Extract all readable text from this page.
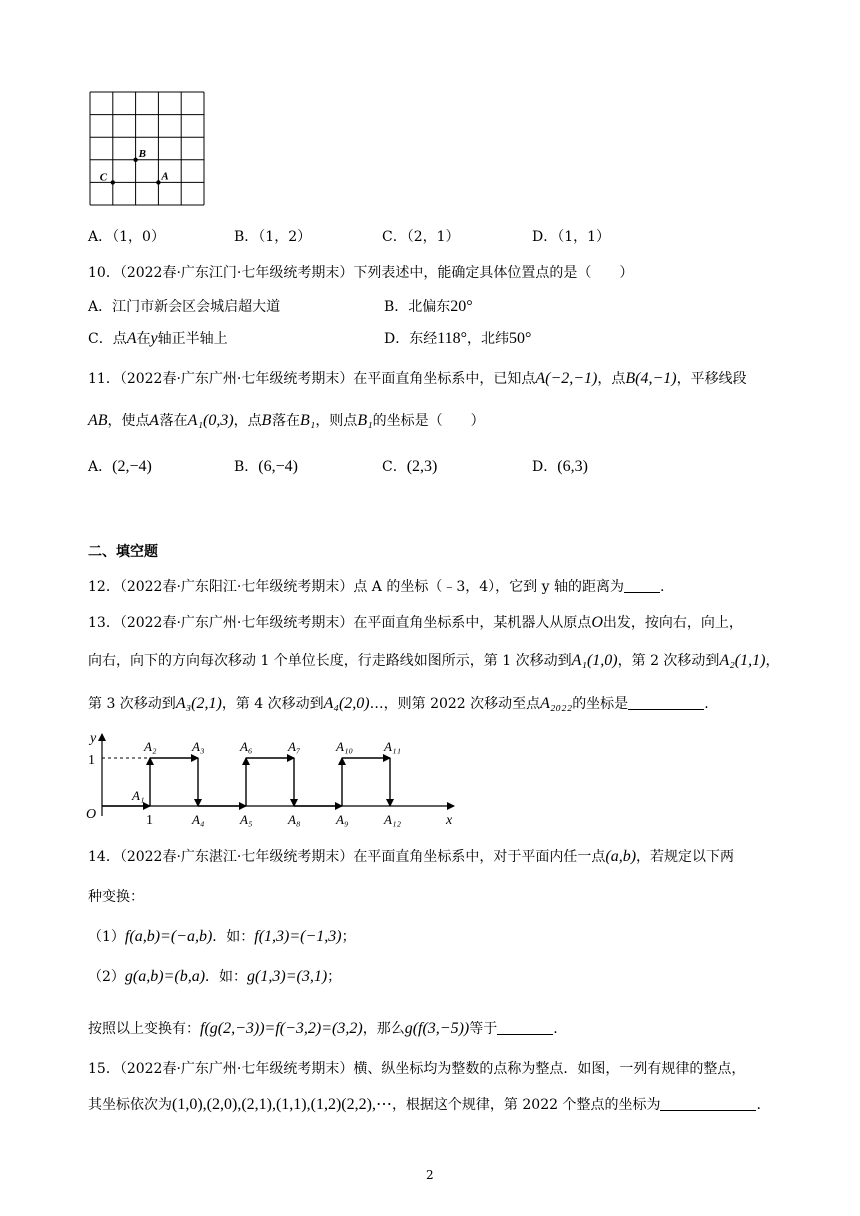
B
C	A
A．（1，0）	B．（1，2）	C．（2，1）	D．（1，1）
10．（2022春·广东江门·七年级统考期末）下列表述中，能确定具体位置点的是（　　）
A．江门市新会区会城启超大道	B．北偏东20°
C．点A在y轴正半轴上	D．东经118°，北纬50°
11．（2022春·广东广州·七年级统考期末）在平面直角坐标系中，已知点A(−2,−1)，点B(4,−1)，平移线段
AB，使点A落在A₁(0,3)，点B落在B₁，则点B₁的坐标是（　　）
A．(2,−4)	B．(6,−4)	C．(2,3)	D．(6,3)
二、填空题
12．（2022春·广东阳江·七年级统考期末）点 A 的坐标（﹣3，4），它到 y 轴的距离为	.
13．（2022春·广东广州·七年级统考期末）在平面直角坐标系中，某机器人从原点O出发，按向右，向上，
向右，向下的方向每次移动 1 个单位长度，行走路线如图所示，第 1 次移动到A₁(1,0)，第 2 次移动到A₂(1,1)，
第 3 次移动到A₃(2,1)，第 4 次移动到A₄(2,0)…，则第 2022 次移动至点A₂₀₂₂的坐标是	.
y
x
O
1
1
A₁
A₂	A₃	A₆	A₇	A₁₀ A₁₁
A₄	A₅	A₈	A₉	A₁₂
14．（2022春·广东湛江·七年级统考期末）在平面直角坐标系中，对于平面内任一点(a,b)，若规定以下两
种变换：
（1）f(a,b)=(−a,b)．如：f(1,3)=(−1,3)；
（2）g(a,b)=(b,a)．如：g(1,3)=(3,1)；
按照以上变换有：f(g(2,−3))=f(−3,2)=(3,2)，那么g(f(3,−5))等于	.
15．（2022春·广东广州·七年级统考期末）横、纵坐标均为整数的点称为整点．如图，一列有规律的整点，
其坐标依次为(1,0),(2,0),(2,1),(1,1),(1,2)(2,2),⋯，根据这个规律，第 2022 个整点的坐标为	.
2
